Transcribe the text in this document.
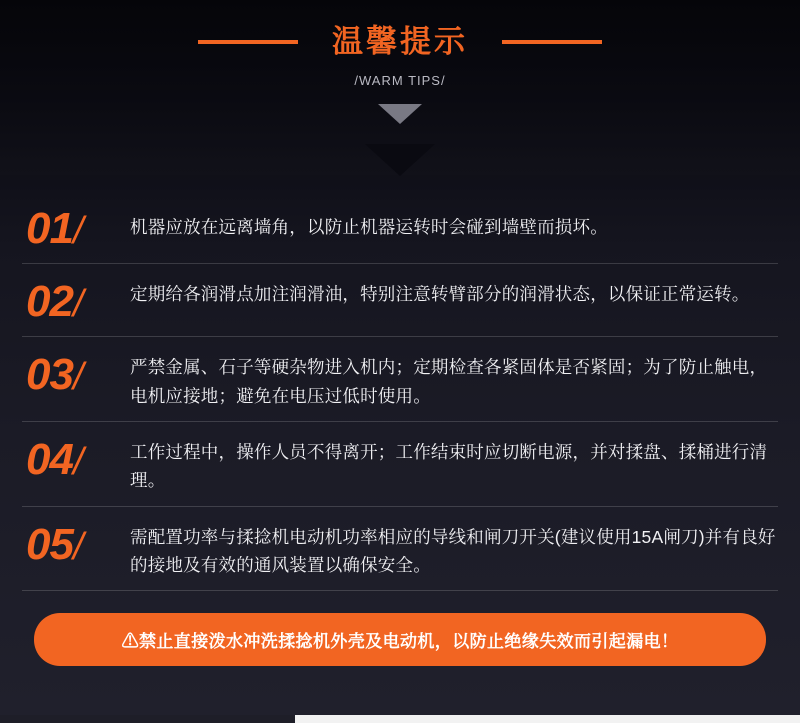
温馨提示
/WARM TIPS/
01/	机器应放在远离墙角，以防止机器运转时会碰到墙壁而损坏。
02/	定期给各润滑点加注润滑油，特别注意转臂部分的润滑状态，以保证正常运转。
03/	严禁金属、石子等硬杂物进入机内；定期检查各紧固体是否紧固；为了防止触电，电机应接地；避免在电压过低时使用。
04/	工作过程中，操作人员不得离开；工作结束时应切断电源，并对揉盘、揉桶进行清理。
05/	需配置功率与揉捻机电动机功率相应的导线和闸刀开关(建议使用15A闸刀)并有良好的接地及有效的通风装置以确保安全。
⚠禁止直接泼水冲洗揉捻机外壳及电动机，以防止绝缘失效而引起漏电！
